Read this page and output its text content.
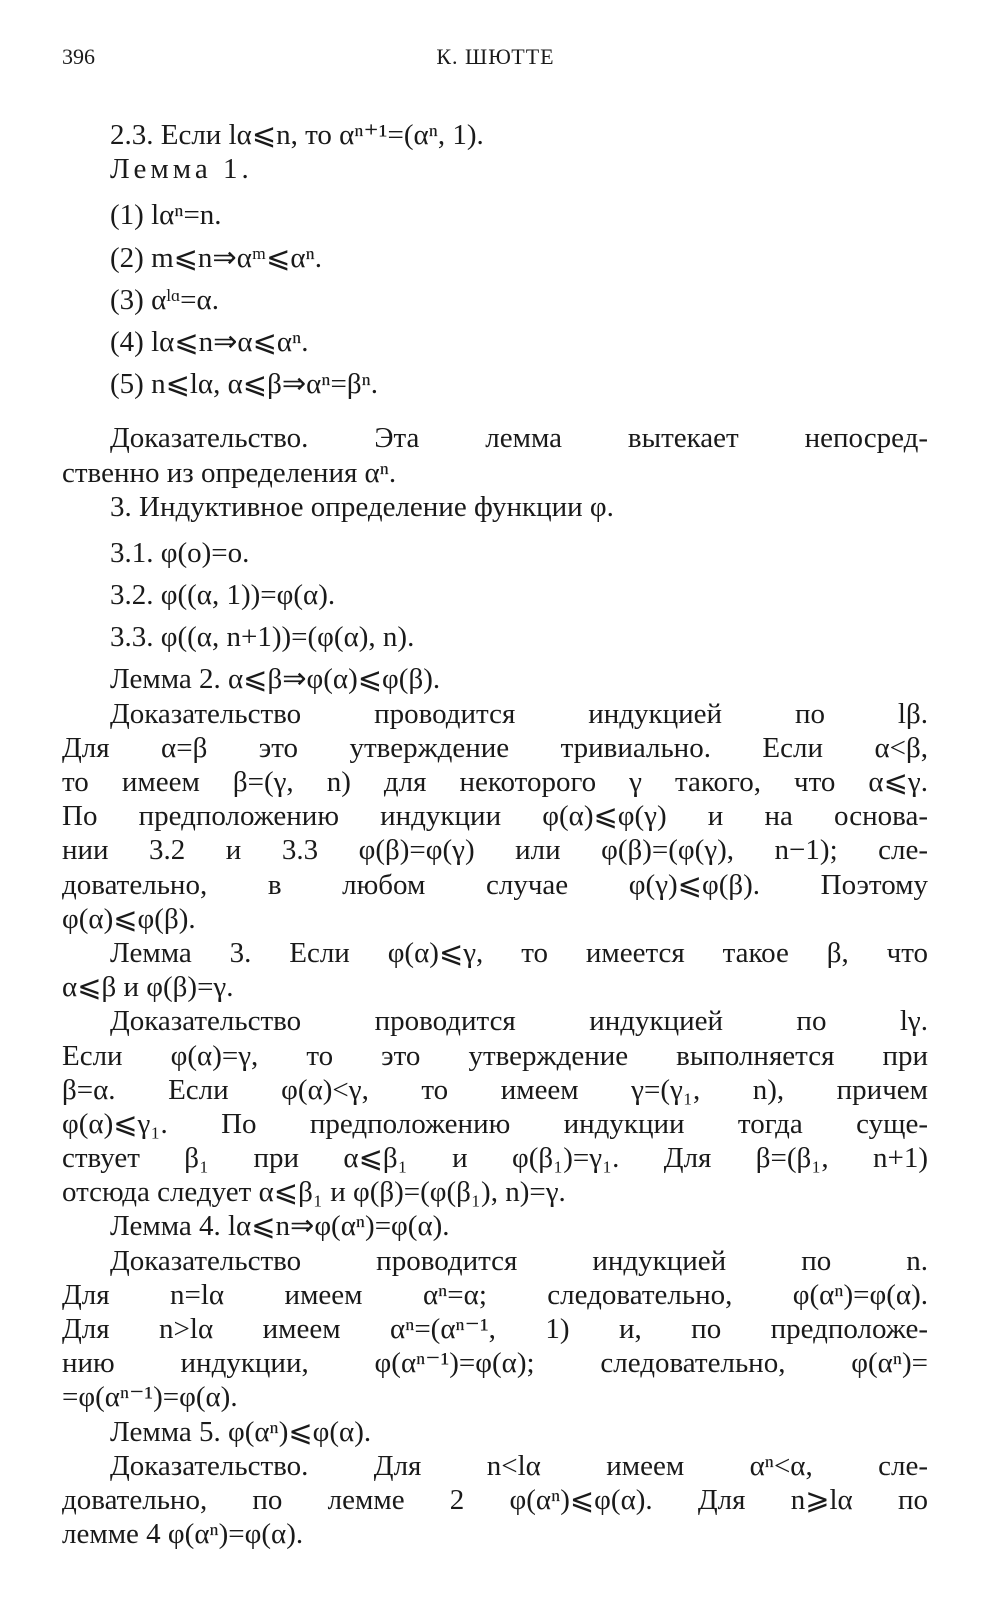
396	К. ШЮТТЕ
2.3. Если lα⩽n, то αⁿ⁺¹=(αⁿ, 1).
Лемма 1.
(1) lαⁿ=n.
(2) m⩽n⇒αᵐ⩽αⁿ.
(3) αˡᵅ=α.
(4) lα⩽n⇒α⩽αⁿ.
(5) n⩽lα, α⩽β⇒αⁿ=βⁿ.
Доказательство. Эта лемма вытекает непосред-
ственно из определения αⁿ.
3. Индуктивное определение функции φ.
3.1. φ(o)=o.
3.2. φ((α, 1))=φ(α).
3.3. φ((α, n+1))=(φ(α), n).
Лемма 2. α⩽β⇒φ(α)⩽φ(β).
Доказательство проводится индукцией по lβ.
Для α=β это утверждение тривиально. Если α<β,
то имеем β=(γ, n) для некоторого γ такого, что α⩽γ.
По предположению индукции φ(α)⩽φ(γ) и на основа-
нии 3.2 и 3.3 φ(β)=φ(γ) или φ(β)=(φ(γ), n−1); сле-
довательно, в любом случае φ(γ)⩽φ(β). Поэтому
φ(α)⩽φ(β).
Лемма 3. Если φ(α)⩽γ, то имеется такое β, что
α⩽β и φ(β)=γ.
Доказательство проводится индукцией по lγ.
Если φ(α)=γ, то это утверждение выполняется при
β=α. Если φ(α)<γ, то имеем γ=(γ₁, n), причем
φ(α)⩽γ₁. По предположению индукции тогда суще-
ствует β₁ при α⩽β₁ и φ(β₁)=γ₁. Для β=(β₁, n+1)
отсюда следует α⩽β₁ и φ(β)=(φ(β₁), n)=γ.
Лемма 4. lα⩽n⇒φ(αⁿ)=φ(α).
Доказательство проводится индукцией по n.
Для n=lα имеем αⁿ=α; следовательно, φ(αⁿ)=φ(α).
Для n>lα имеем αⁿ=(αⁿ⁻¹, 1) и, по предположе-
нию индукции, φ(αⁿ⁻¹)=φ(α); следовательно, φ(αⁿ)=
=φ(αⁿ⁻¹)=φ(α).
Лемма 5. φ(αⁿ)⩽φ(α).
Доказательство. Для n<lα имеем αⁿ<α, сле-
довательно, по лемме 2 φ(αⁿ)⩽φ(α). Для n⩾lα по
лемме 4 φ(αⁿ)=φ(α).
